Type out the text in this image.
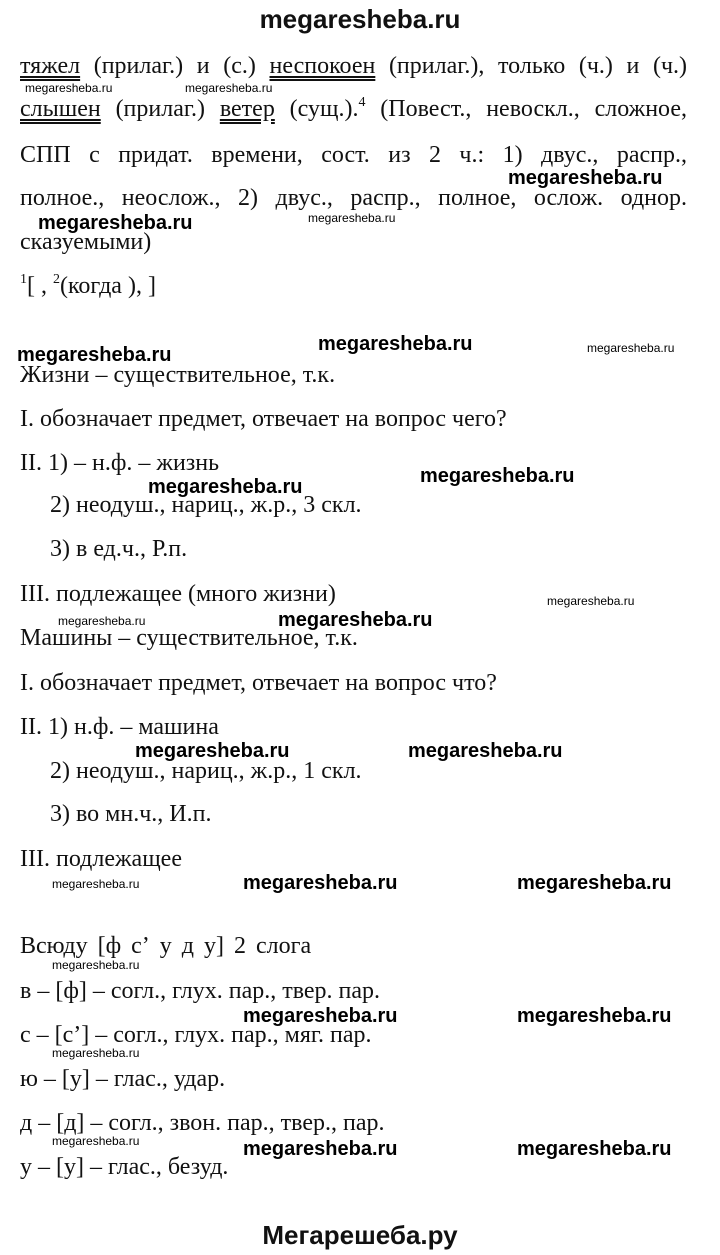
megaresheba.ru
тяжел (прилаг.) и (с.) неспокоен (прилаг.), только (ч.) и (ч.)
слышен (прилаг.) ветер (сущ.).$^4$ (Повест., невоскл., сложное,
СПП с придат. времени, сост. из 2 ч.: 1) двус., распр.,
полное., неослож., 2) двус., распр., полное, ослож. однор.
сказуемыми)
$^1$[ , $^2$(когда ), ]
Жизни – существительное, т.к.
I. обозначает предмет, отвечает на вопрос чего?
II. 1) – н.ф. – жизнь
2) неодуш., нариц., ж.р., 3 скл.
3) в ед.ч., Р.п.
III. подлежащее (много жизни)
Машины – существительное, т.к.
I. обозначает предмет, отвечает на вопрос что?
II. 1) н.ф. – машина
2) неодуш., нариц., ж.р., 1 скл.
3) во мн.ч., И.п.
III. подлежащее
Всюду [ф сʼ у д у] 2 слога
в – [ф] – согл., глух. пар., твер. пар.
с – [сʼ] – согл., глух. пар., мяг. пар.
ю – [у] – глас., удар.
д – [д] – согл., звон. пар., твер., пар.
у – [у] – глас., безуд.
megaresheba.ru	megaresheba.ru
megaresheba.ru
megaresheba.ru	megaresheba.ru
megaresheba.ru	megaresheba.ru	megaresheba.ru
megaresheba.ru
megaresheba.ru
megaresheba.ru
megaresheba.ru	megaresheba.ru
megaresheba.ru	megaresheba.ru
megaresheba.ru	megaresheba.ru	megaresheba.ru
megaresheba.ru
megaresheba.ru	megaresheba.ru
megaresheba.ru
megaresheba.ru	megaresheba.ru	megaresheba.ru
Мегарешеба.ру
